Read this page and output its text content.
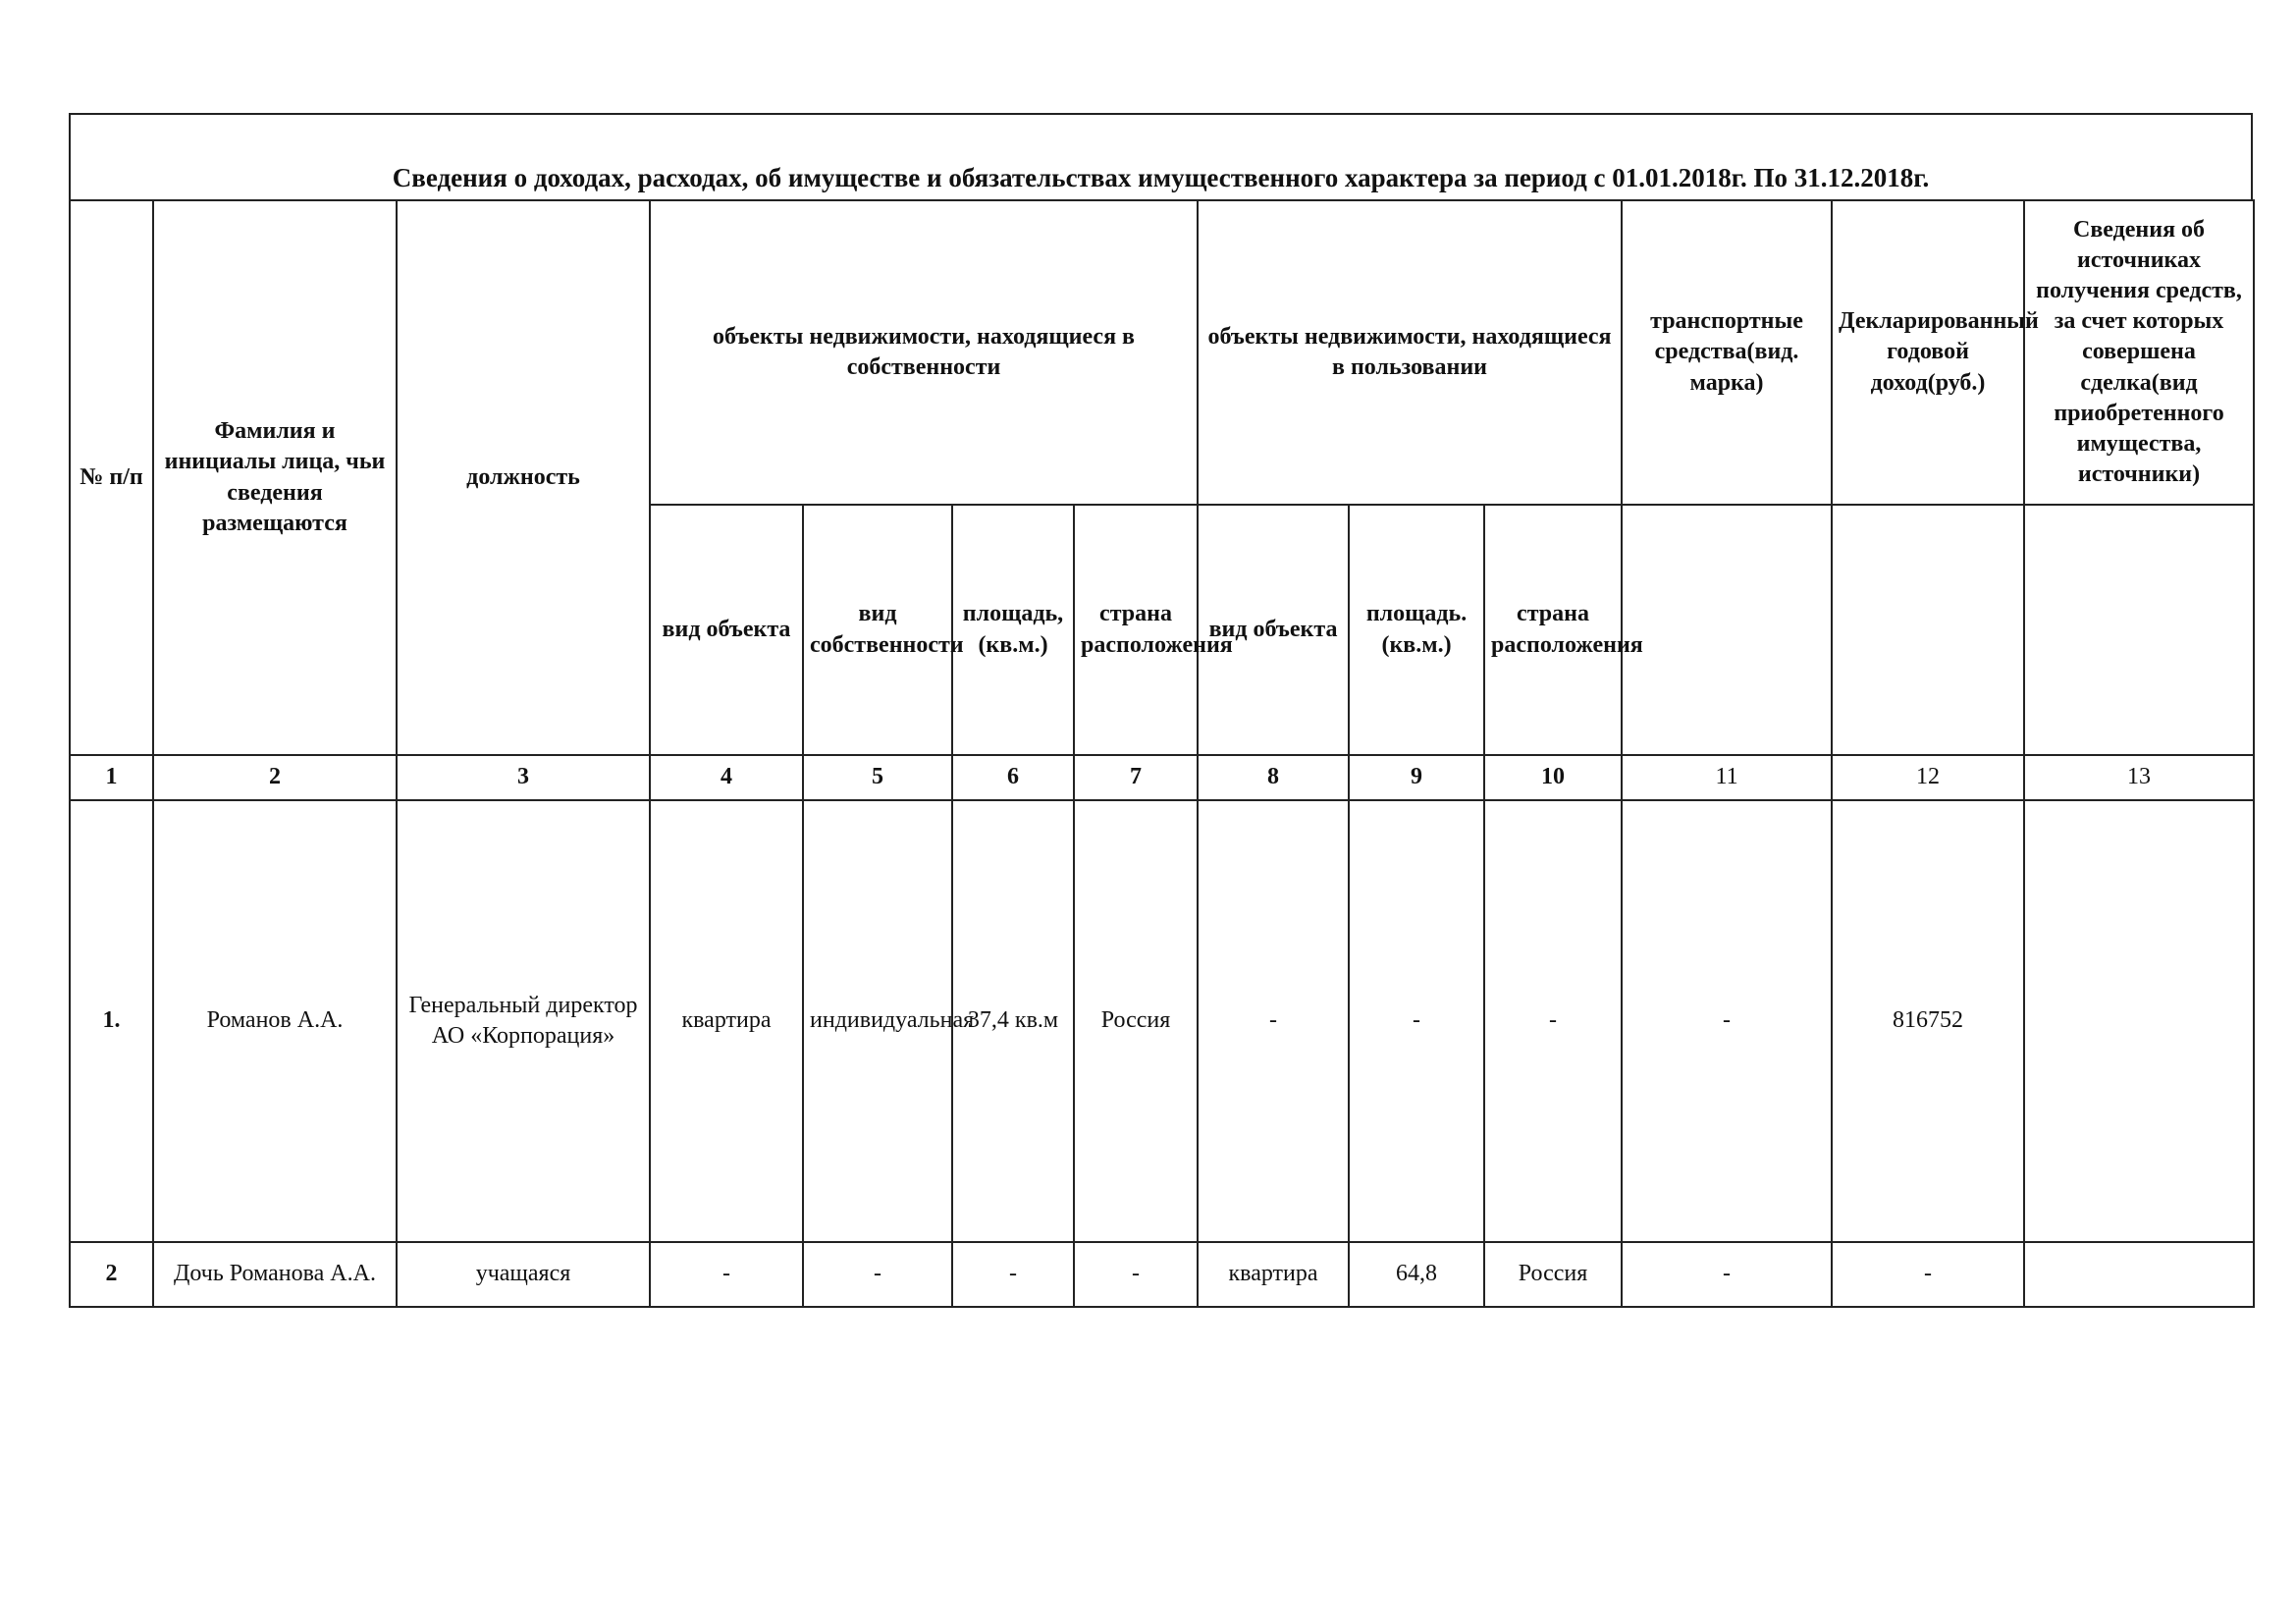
Сведения о доходах, расходах, об имуществе и обязательствах имущественного характера за период с 01.01.2018г. По 31.12.2018г.
№ п/п	Фамилия и инициалы лица, чьи сведения размещаются	должность	объекты недвижимости, находящиеся в собственности				объекты недвижимости, находящиеся в пользовании			транспортные средства(вид. марка)	Декларированный годовой доход(руб.)	Сведения об источниках получения средств, за счет которых совершена сделка(вид приобретенного имущества, источники)
			вид объекта	вид собственности	площадь, (кв.м.)	страна расположения	вид объекта	площадь. (кв.м.)	страна расположения			
1	2	3	4	5	6	7	8	9	10	11	12	13
1.	Романов А.А.	Генеральный директор АО «Корпорация»	квартира	индивидуальная	37,4 кв.м	Россия	-	-	-	-	816752	
2	Дочь Романова А.А.	учащаяся	-	-	-	-	квартира	64,8	Россия	-	-	
